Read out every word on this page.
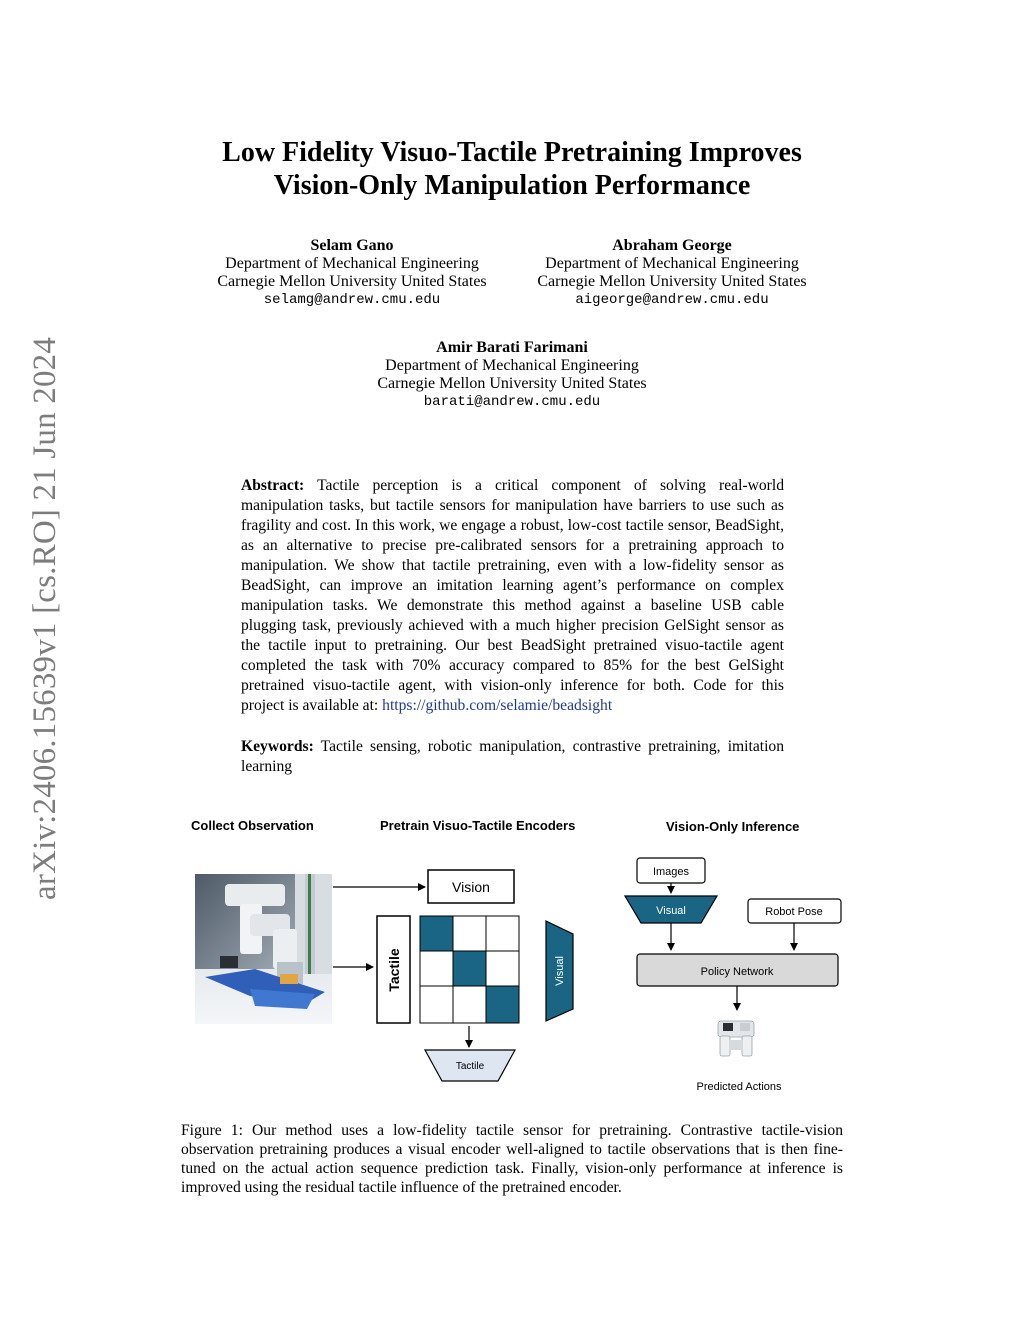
arXiv:2406.15639v1 [cs.RO] 21 Jun 2024
Low Fidelity Visuo-Tactile Pretraining Improves
Vision-Only Manipulation Performance
Selam Gano
Department of Mechanical Engineering
Carnegie Mellon University United States
selamg@andrew.cmu.edu
Abraham George
Department of Mechanical Engineering
Carnegie Mellon University United States
aigeorge@andrew.cmu.edu
Amir Barati Farimani
Department of Mechanical Engineering
Carnegie Mellon University United States
barati@andrew.cmu.edu
Abstract: Tactile perception is a critical component of solving real-world manipulation tasks, but tactile sensors for manipulation have barriers to use such as fragility and cost. In this work, we engage a robust, low-cost tactile sensor, BeadSight, as an alternative to precise pre-calibrated sensors for a pretraining approach to manipulation. We show that tactile pretraining, even with a low-fidelity sensor as BeadSight, can improve an imitation learning agent’s performance on complex manipulation tasks. We demonstrate this method against a baseline USB cable plugging task, previously achieved with a much higher precision GelSight sensor as the tactile input to pretraining. Our best BeadSight pretrained visuo-tactile agent completed the task with 70% accuracy compared to 85% for the best GelSight pretrained visuo-tactile agent, with vision-only inference for both. Code for this project is available at: https://github.com/selamie/beadsight
Keywords: Tactile sensing, robotic manipulation, contrastive pretraining, imitation learning
Collect Observation	Pretrain Visuo-Tactile Encoders	Vision-Only Inference
Vision
Tactile	Visual
Tactile
Images
Visual	Robot Pose
Policy Network
Predicted Actions
Figure 1: Our method uses a low-fidelity tactile sensor for pretraining. Contrastive tactile-vision observation pretraining produces a visual encoder well-aligned to tactile observations that is then fine-tuned on the actual action sequence prediction task. Finally, vision-only performance at inference is improved using the residual tactile influence of the pretrained encoder.
